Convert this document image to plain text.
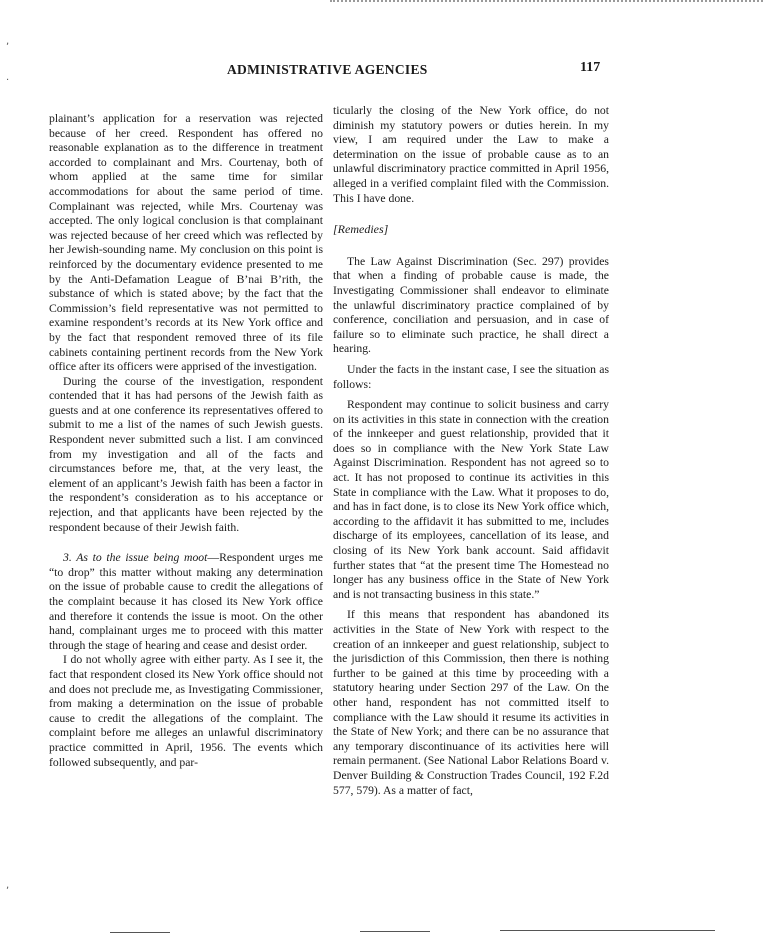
ADMINISTRATIVE AGENCIES	117
,
.
,

plainant’s application for a reservation was rejected because of her creed. Respondent has offered no reasonable explanation as to the difference in treatment accorded to complainant and Mrs. Courtenay, both of whom applied at the same time for similar accommodations for about the same period of time. Complainant was rejected, while Mrs. Courtenay was accepted. The only logical conclusion is that complainant was rejected because of her creed which was reflected by her Jewish-sounding name. My conclusion on this point is reinforced by the documentary evidence presented to me by the Anti-Defamation League of B’nai B’rith, the substance of which is stated above; by the fact that the Commission’s field representative was not permitted to examine respondent’s records at its New York office and by the fact that respondent removed three of its file cabinets containing pertinent records from the New York office after its officers were apprised of the investigation.

During the course of the investigation, respondent contended that it has had persons of the Jewish faith as guests and at one conference its representatives offered to submit to me a list of the names of such Jewish guests. Respondent never submitted such a list. I am convinced from my investigation and all of the facts and circumstances before me, that, at the very least, the element of an applicant’s Jewish faith has been a factor in the respondent’s consideration as to his acceptance or rejection, and that applicants have been rejected by the respondent because of their Jewish faith.

3. As to the issue being moot—Respondent urges me “to drop” this matter without making any determination on the issue of probable cause to credit the allegations of the complaint because it has closed its New York office and therefore it contends the issue is moot. On the other hand, complainant urges me to proceed with this matter through the stage of hearing and cease and desist order.

I do not wholly agree with either party. As I see it, the fact that respondent closed its New York office should not and does not preclude me, as Investigating Commissioner, from making a determination on the issue of probable cause to credit the allegations of the complaint. The complaint before me alleges an unlawful discriminatory practice committed in April, 1956. The events which followed subsequently, and par-

ticularly the closing of the New York office, do not diminish my statutory powers or duties herein. In my view, I am required under the Law to make a determination on the issue of probable cause as to an unlawful discriminatory practice committed in April 1956, alleged in a verified complaint filed with the Commission. This I have done.

[Remedies]

The Law Against Discrimination (Sec. 297) provides that when a finding of probable cause is made, the Investigating Commissioner shall endeavor to eliminate the unlawful discriminatory practice complained of by conference, conciliation and persuasion, and in case of failure so to eliminate such practice, he shall direct a hearing.

Under the facts in the instant case, I see the situation as follows:

Respondent may continue to solicit business and carry on its activities in this state in connection with the creation of the innkeeper and guest relationship, provided that it does so in compliance with the New York State Law Against Discrimination. Respondent has not agreed so to act. It has not proposed to continue its activities in this State in compliance with the Law. What it proposes to do, and has in fact done, is to close its New York office which, according to the affidavit it has submitted to me, includes discharge of its employees, cancellation of its lease, and closing of its New York bank account. Said affidavit further states that “at the present time The Homestead no longer has any business office in the State of New York and is not transacting business in this state.”

If this means that respondent has abandoned its activities in the State of New York with respect to the creation of an innkeeper and guest relationship, subject to the jurisdiction of this Commission, then there is nothing further to be gained at this time by proceeding with a statutory hearing under Section 297 of the Law. On the other hand, respondent has not committed itself to compliance with the Law should it resume its activities in the State of New York; and there can be no assurance that any temporary discontinuance of its activities here will remain permanent. (See National Labor Relations Board v. Denver Building & Construction Trades Council, 192 F.2d 577, 579). As a matter of fact,
